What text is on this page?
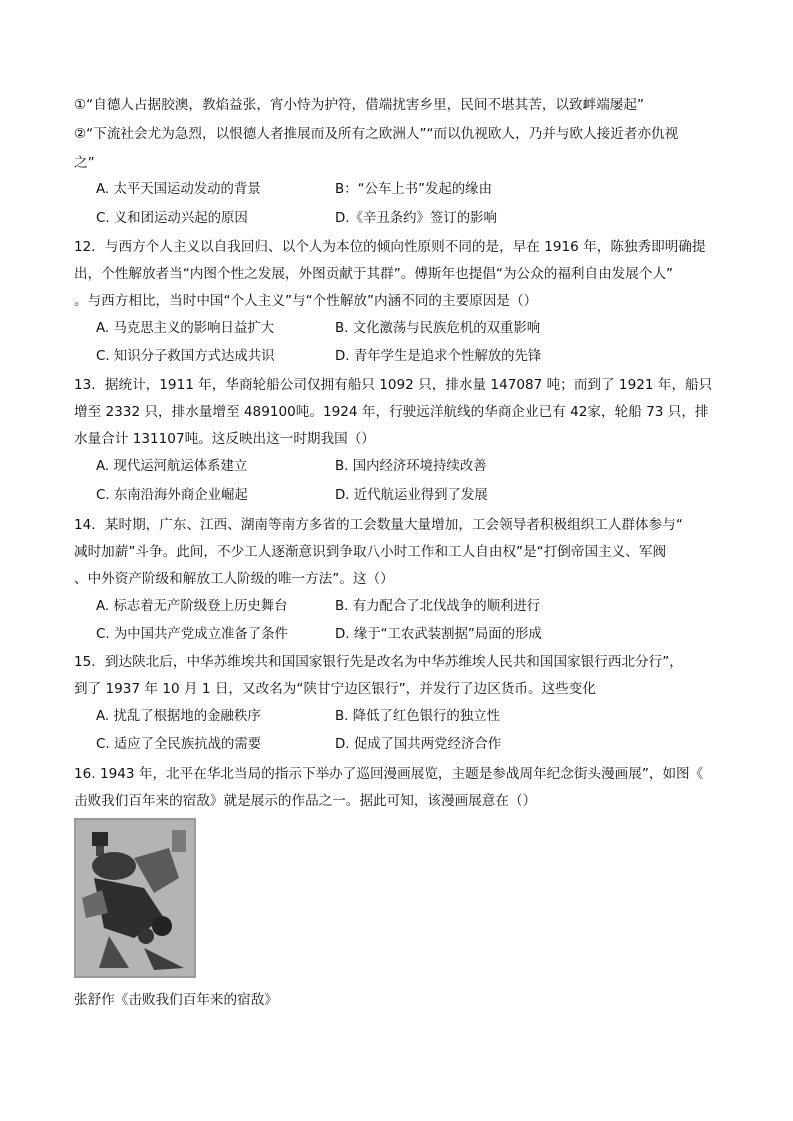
①“自德人占据胶澳，教焰益张，宵小恃为护符，借端扰害乡里，民间不堪其苦，以致衅端屡起”
②“下流社会尤为急烈，以恨德人者推展而及所有之欧洲人”“而以仇视欧人，乃并与欧人接近者亦仇视
之”
A. 太平天国运动发动的背景	B：“公车上书”发起的缘由
C. 义和团运动兴起的原因	D.《辛丑条约》签订的影响
12．与西方个人主义以自我回归、以个人为本位的倾向性原则不同的是，早在 1916 年，陈独秀即明确提
出，个性解放者当“内图个性之发展，外图贡献于其群”。傅斯年也提倡“为公众的福利自由发展个人”
。与西方相比，当时中国“个人主义”与“个性解放”内涵不同的主要原因是（）
A. 马克思主义的影响日益扩大	B. 文化激荡与民族危机的双重影响
C. 知识分子救国方式达成共识	D. 青年学生是追求个性解放的先锋
13．据统计，1911 年，华商轮船公司仅拥有船只 1092 只，排水量 147087 吨；而到了 1921 年，船只
增至 2332 只，排水量增至 489100吨。1924 年，行驶远洋航线的华商企业已有 42家，轮船 73 只，排
水量合计 131107吨。这反映出这一时期我国（）
A. 现代运河航运体系建立	B. 国内经济环境持续改善
C. 东南沿海外商企业崛起	D. 近代航运业得到了发展
14．某时期，广东、江西、湖南等南方多省的工会数量大量增加，工会领导者积极组织工人群体参与“
减时加薪”斗争。此间，不少工人逐渐意识到争取八小时工作和工人自由权”是“打倒帝国主义、军阀
、中外资产阶级和解放工人阶级的唯一方法”。这（）
A. 标志着无产阶级登上历史舞台	B. 有力配合了北伐战争的顺利进行
C. 为中国共产党成立准备了条件	D. 缘于“工农武装割据”局面的形成
15．到达陕北后，中华苏维埃共和国国家银行先是改名为中华苏维埃人民共和国国家银行西北分行”，
到了 1937 年 10 月 1 日，又改名为“陕甘宁边区银行”，并发行了边区货币。这些变化
A. 扰乱了根据地的金融秩序	B. 降低了红色银行的独立性
C. 适应了全民族抗战的需要	D. 促成了国共两党经济合作
16. 1943 年，北平在华北当局的指示下举办了巡回漫画展览，主题是参战周年纪念街头漫画展”，如图《
击败我们百年来的宿敌》就是展示的作品之一。据此可知，该漫画展意在（）
张舒作《击败我们百年来的宿敌》
